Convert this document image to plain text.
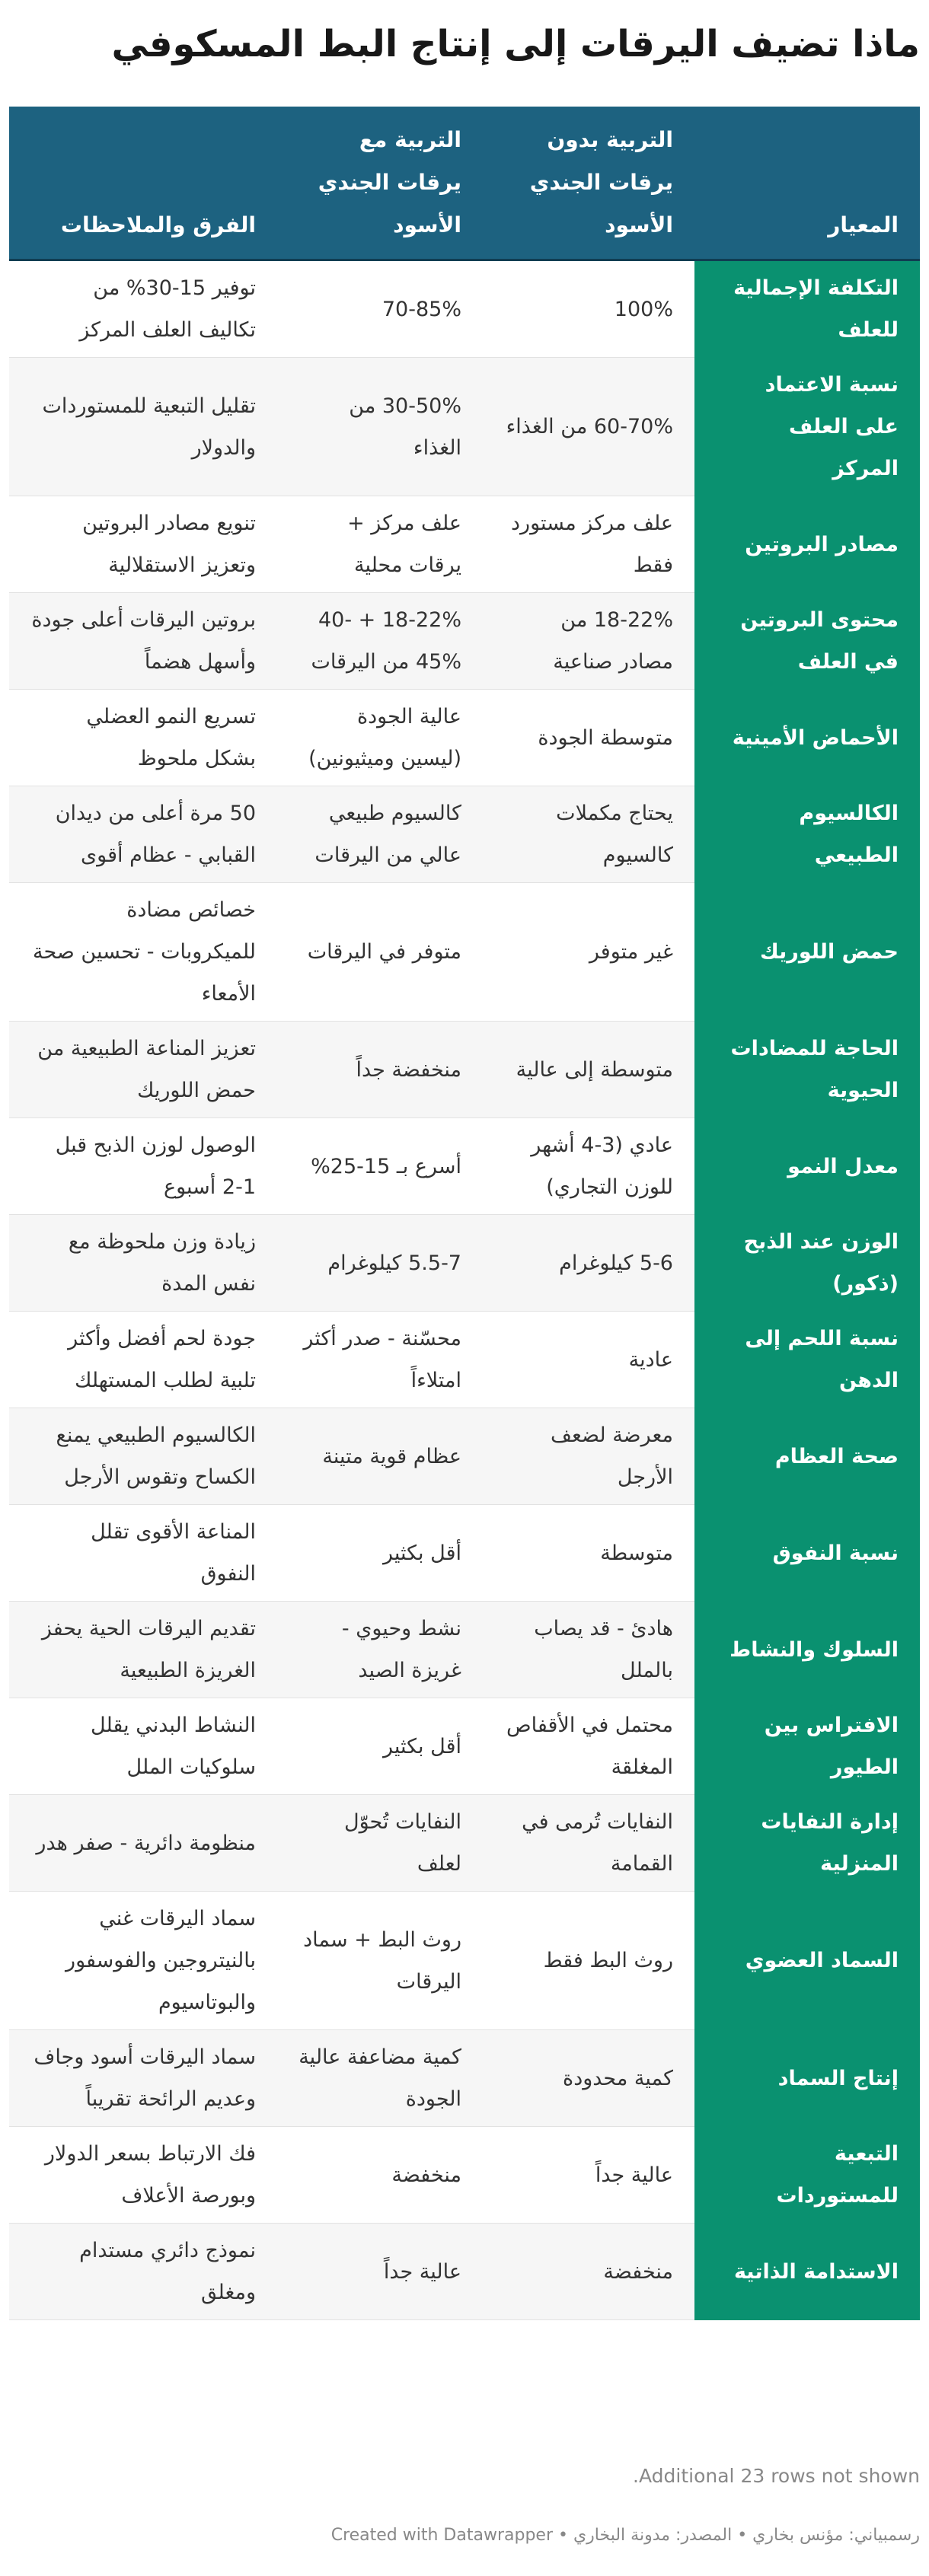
ماذا تضيف اليرقات إلى إنتاج البط المسكوفي
المعيار	التربية بدون يرقات الجندي الأسود	التربية مع يرقات الجندي الأسود	الفرق والملاحظات
التكلفة الإجمالية للعلف	100%	70-85%	توفير 15-30% من تكاليف العلف المركز
نسبة الاعتماد على العلف المركز	60-70% من الغذاء	30-50% من الغذاء	تقليل التبعية للمستوردات والدولار
مصادر البروتين	علف مركز مستورد فقط	علف مركز + يرقات محلية	تنويع مصادر البروتين وتعزيز الاستقلالية
محتوى البروتين في العلف	18-22% من مصادر صناعية	18-22% + 40-45% من اليرقات	بروتين اليرقات أعلى جودة وأسهل هضماً
الأحماض الأمينية	متوسطة الجودة	عالية الجودة (ليسين وميثيونين)	تسريع النمو العضلي بشكل ملحوظ
الكالسيوم الطبيعي	يحتاج مكملات كالسيوم	كالسيوم طبيعي عالي من اليرقات	50 مرة أعلى من ديدان القبابي - عظام أقوى
حمض اللوريك	غير متوفر	متوفر في اليرقات	خصائص مضادة للميكروبات - تحسين صحة الأمعاء
الحاجة للمضادات الحيوية	متوسطة إلى عالية	منخفضة جداً	تعزيز المناعة الطبيعية من حمض اللوريك
معدل النمو	عادي (3-4 أشهر للوزن التجاري)	أسرع بـ 15-25%	الوصول لوزن الذبح قبل 1-2 أسبوع
الوزن عند الذبح (ذكور)	5-6 كيلوغرام	5.5-7 كيلوغرام	زيادة وزن ملحوظة مع نفس المدة
نسبة اللحم إلى الدهن	عادية	محسّنة - صدر أكثر امتلاءاً	جودة لحم أفضل وأكثر تلبية لطلب المستهلك
صحة العظام	معرضة لضعف الأرجل	عظام قوية متينة	الكالسيوم الطبيعي يمنع الكساح وتقوس الأرجل
نسبة النفوق	متوسطة	أقل بكثير	المناعة الأقوى تقلل النفوق
السلوك والنشاط	هادئ - قد يصاب بالملل	نشط وحيوي - غريزة الصيد	تقديم اليرقات الحية يحفز الغريزة الطبيعية
الافتراس بين الطيور	محتمل في الأقفاص المغلقة	أقل بكثير	النشاط البدني يقلل سلوكيات الملل
إدارة النفايات المنزلية	النفايات تُرمى في القمامة	النفايات تُحوّل لعلف	منظومة دائرية - صفر هدر
السماد العضوي	روث البط فقط	روث البط + سماد اليرقات	سماد اليرقات غني بالنيتروجين والفوسفور والبوتاسيوم
إنتاج السماد	كمية محدودة	كمية مضاعفة عالية الجودة	سماد اليرقات أسود وجاف وعديم الرائحة تقريباً
التبعية للمستوردات	عالية جداً	منخفضة	فك الارتباط بسعر الدولار وبورصة الأعلاف
الاستدامة الذاتية	منخفضة	عالية جداً	نموذج دائري مستدام ومغلق
Additional 23 rows not shown.
رسمبياني: مؤنس بخاري • المصدر: مدونة البخاري • Created with Datawrapper
